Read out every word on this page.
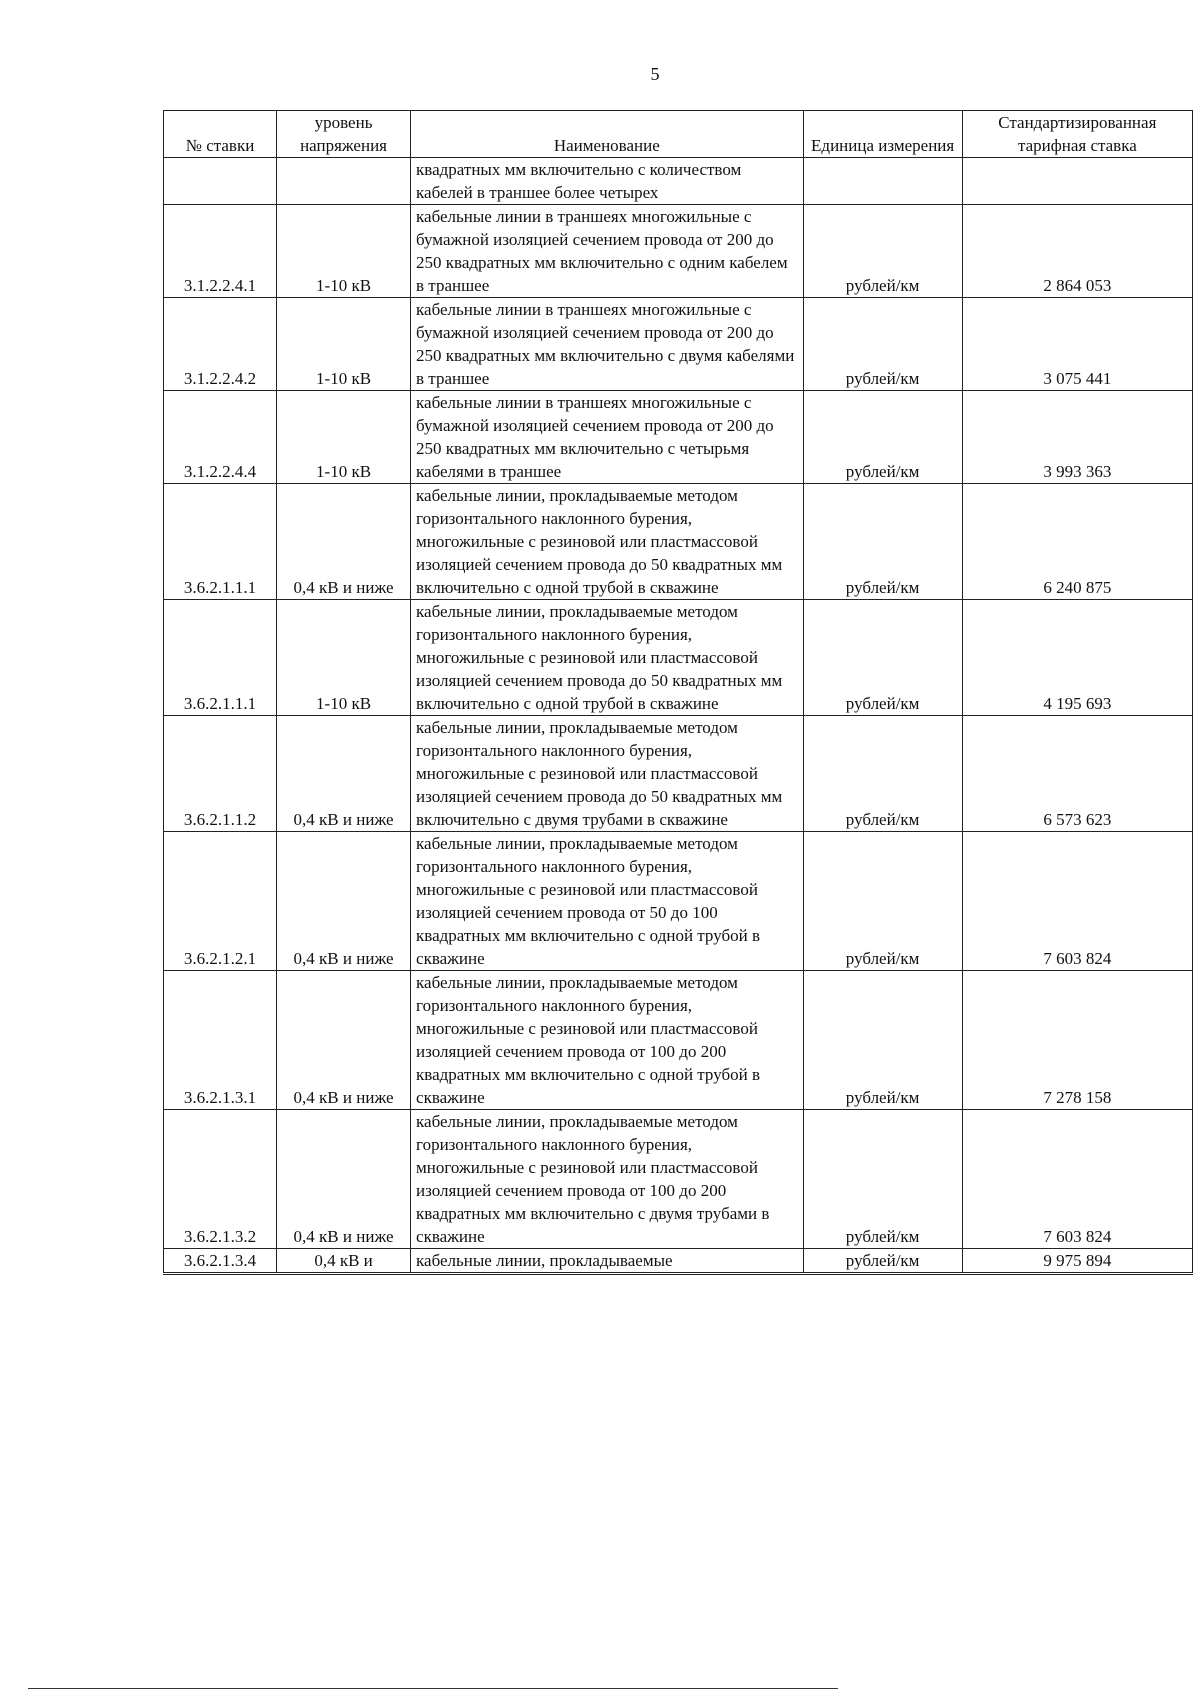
5
№ ставки	уровень напряжения	Наименование	Единица измерения	Стандартизированная тарифная ставка
		квадратных мм включительно с количеством кабелей в траншее более четырех		
3.1.2.2.4.1	1-10 кВ	кабельные линии в траншеях многожильные с бумажной изоляцией сечением провода от 200 до 250 квадратных мм включительно с одним кабелем в траншее	рублей/км	2 864 053
3.1.2.2.4.2	1-10 кВ	кабельные линии в траншеях многожильные с бумажной изоляцией сечением провода от 200 до 250 квадратных мм включительно с двумя кабелями в траншее	рублей/км	3 075 441
3.1.2.2.4.4	1-10 кВ	кабельные линии в траншеях многожильные с бумажной изоляцией сечением провода от 200 до 250 квадратных мм включительно с четырьмя кабелями в траншее	рублей/км	3 993 363
3.6.2.1.1.1	0,4 кВ и ниже	кабельные линии, прокладываемые методом горизонтального наклонного бурения, многожильные с резиновой или пластмассовой изоляцией сечением провода до 50 квадратных мм включительно с одной трубой в скважине	рублей/км	6 240 875
3.6.2.1.1.1	1-10 кВ	кабельные линии, прокладываемые методом горизонтального наклонного бурения, многожильные с резиновой или пластмассовой изоляцией сечением провода до 50 квадратных мм включительно с одной трубой в скважине	рублей/км	4 195 693
3.6.2.1.1.2	0,4 кВ и ниже	кабельные линии, прокладываемые методом горизонтального наклонного бурения, многожильные с резиновой или пластмассовой изоляцией сечением провода до 50 квадратных мм включительно с двумя трубами в скважине	рублей/км	6 573 623
3.6.2.1.2.1	0,4 кВ и ниже	кабельные линии, прокладываемые методом горизонтального наклонного бурения, многожильные с резиновой или пластмассовой изоляцией сечением провода от 50 до 100 квадратных мм включительно с одной трубой в скважине	рублей/км	7 603 824
3.6.2.1.3.1	0,4 кВ и ниже	кабельные линии, прокладываемые методом горизонтального наклонного бурения, многожильные с резиновой или пластмассовой изоляцией сечением провода от 100 до 200 квадратных мм включительно с одной трубой в скважине	рублей/км	7 278 158
3.6.2.1.3.2	0,4 кВ и ниже	кабельные линии, прокладываемые методом горизонтального наклонного бурения, многожильные с резиновой или пластмассовой изоляцией сечением провода от 100 до 200 квадратных мм включительно с двумя трубами в скважине	рублей/км	7 603 824
3.6.2.1.3.4	0,4 кВ и	кабельные линии, прокладываемые	рублей/км	9 975 894
